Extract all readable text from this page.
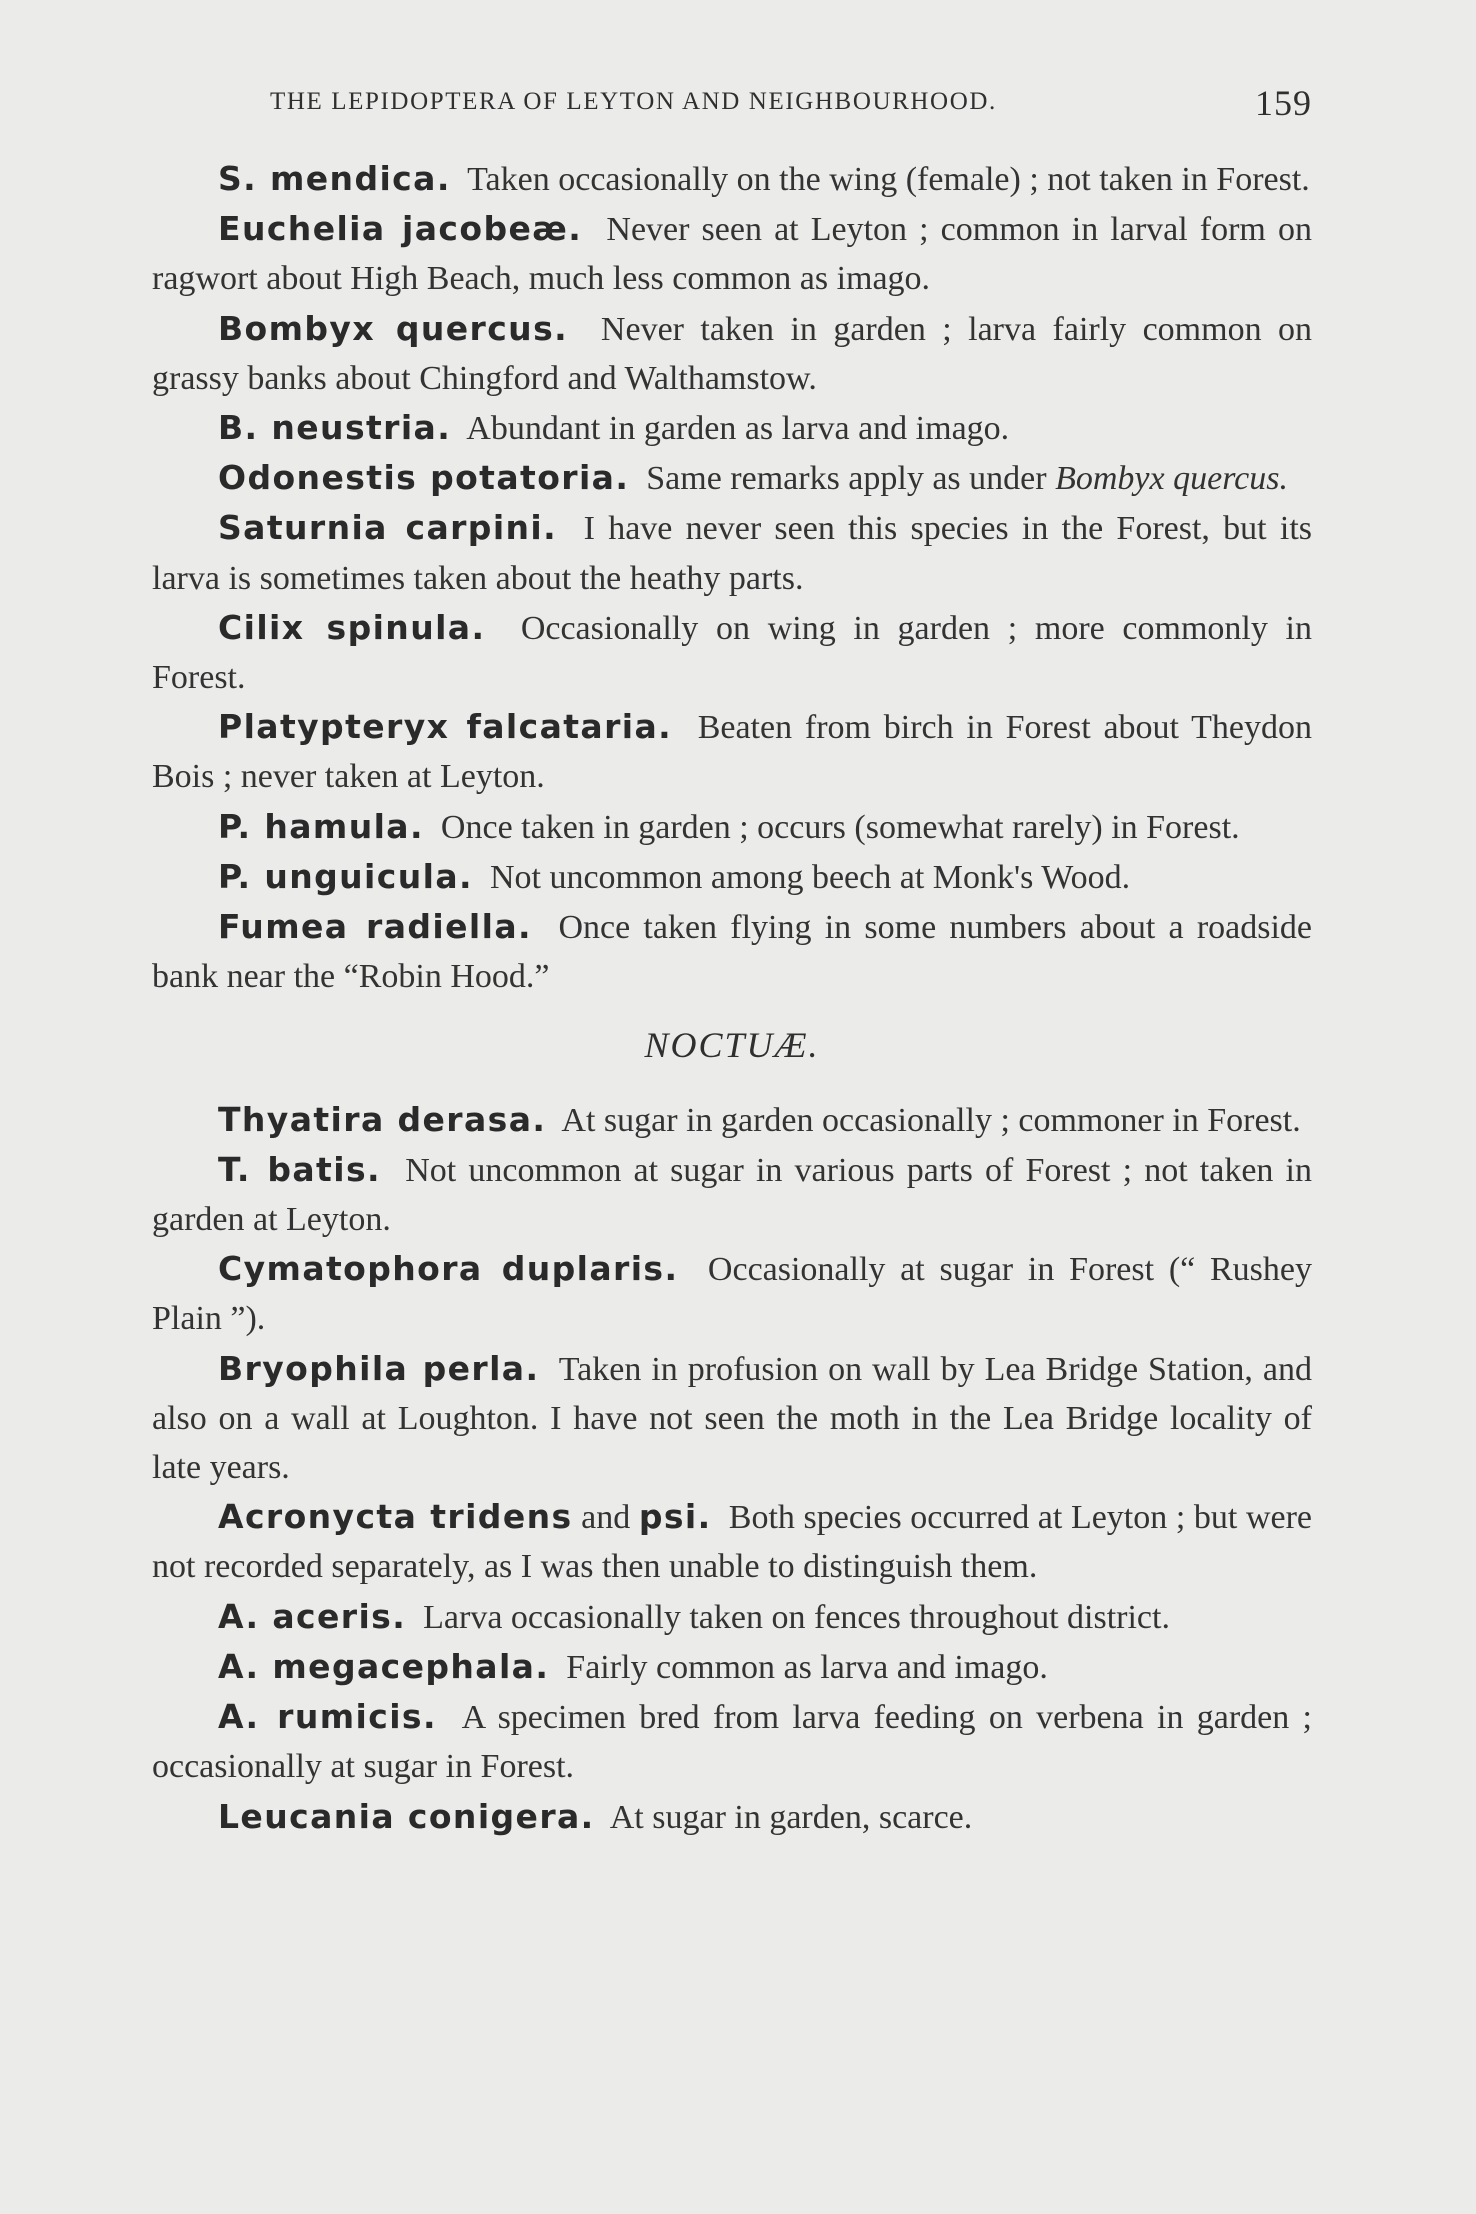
THE LEPIDOPTERA OF LEYTON AND NEIGHBOURHOOD.	159

S. mendica. Taken occasionally on the wing (female) ; not taken in Forest.

Euchelia jacobeæ. Never seen at Leyton ; common in larval form on ragwort about High Beach, much less common as imago.

Bombyx quercus. Never taken in garden ; larva fairly common on grassy banks about Chingford and Walthamstow.

B. neustria. Abundant in garden as larva and imago.

Odonestis potatoria. Same remarks apply as under Bombyx quercus.

Saturnia carpini. I have never seen this species in the Forest, but its larva is sometimes taken about the heathy parts.

Cilix spinula. Occasionally on wing in garden ; more commonly in Forest.

Platypteryx falcataria. Beaten from birch in Forest about Theydon Bois ; never taken at Leyton.

P. hamula. Once taken in garden ; occurs (somewhat rarely) in Forest.

P. unguicula. Not uncommon among beech at Monk's Wood.

Fumea radiella. Once taken flying in some numbers about a roadside bank near the “Robin Hood.”

NOCTUÆ.

Thyatira derasa. At sugar in garden occasionally ; commoner in Forest.

T. batis. Not uncommon at sugar in various parts of Forest ; not taken in garden at Leyton.

Cymatophora duplaris. Occasionally at sugar in Forest (“ Rushey Plain ”).

Bryophila perla. Taken in profusion on wall by Lea Bridge Station, and also on a wall at Loughton. I have not seen the moth in the Lea Bridge locality of late years.

Acronycta tridens and psi. Both species occurred at Leyton ; but were not recorded separately, as I was then unable to distinguish them.

A. aceris. Larva occasionally taken on fences throughout district.

A. megacephala. Fairly common as larva and imago.

A. rumicis. A specimen bred from larva feeding on verbena in garden ; occasionally at sugar in Forest.

Leucania conigera. At sugar in garden, scarce.
